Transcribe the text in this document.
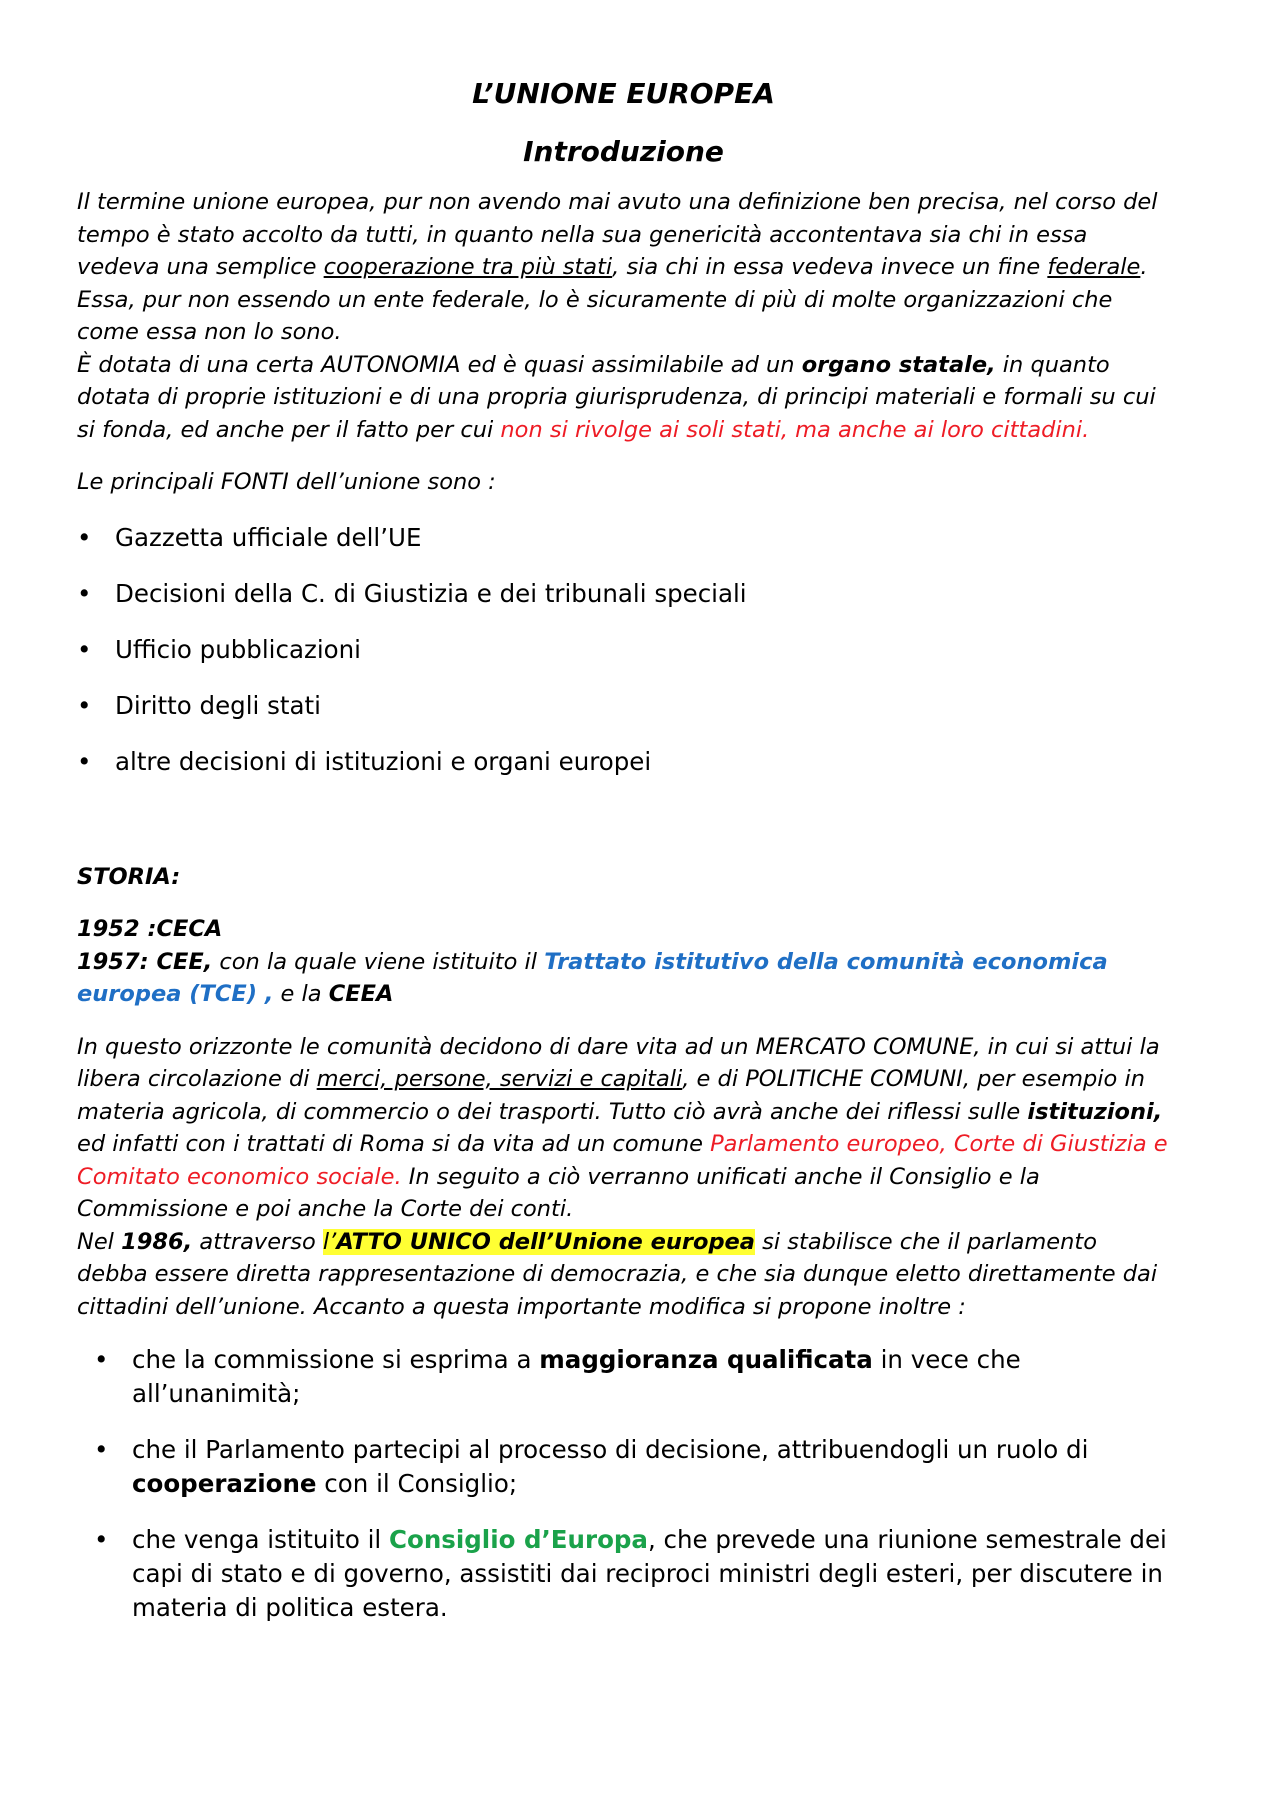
L’UNIONE EUROPEA
Introduzione

Il termine unione europea, pur non avendo mai avuto una definizione ben precisa, nel corso del tempo è stato accolto da tutti, in quanto nella sua genericità accontentava sia chi in essa vedeva una semplice cooperazione tra più stati, sia chi in essa vedeva invece un fine federale. Essa, pur non essendo un ente federale, lo è sicuramente di più di molte organizzazioni che come essa non lo sono.

È dotata di una certa AUTONOMIA ed è quasi assimilabile ad un organo statale, in quanto dotata di proprie istituzioni e di una propria giurisprudenza, di principi materiali e formali su cui si fonda, ed anche per il fatto per cui non si rivolge ai soli stati, ma anche ai loro cittadini.

Le principali FONTI dell’unione sono :

• Gazzetta ufficiale dell’UE
• Decisioni della C. di Giustizia e dei tribunali speciali
• Ufficio pubblicazioni
• Diritto degli stati
• altre decisioni di istituzioni e organi europei

STORIA:

1952 :CECA

1957: CEE, con la quale viene istituito il Trattato istitutivo della comunità economica europea (TCE) , e la CEEA

In questo orizzonte le comunità decidono di dare vita ad un MERCATO COMUNE, in cui si attui la libera circolazione di merci, persone, servizi e capitali, e di POLITICHE COMUNI, per esempio in materia agricola, di commercio o dei trasporti. Tutto ciò avrà anche dei riflessi sulle istituzioni, ed infatti con i trattati di Roma si da vita ad un comune Parlamento europeo, Corte di Giustizia e Comitato economico sociale. In seguito a ciò verranno unificati anche il Consiglio e la Commissione e poi anche la Corte dei conti.

Nel 1986, attraverso l’ATTO UNICO dell’Unione europea si stabilisce che il parlamento debba essere diretta rappresentazione di democrazia, e che sia dunque eletto direttamente dai cittadini dell’unione. Accanto a questa importante modifica si propone inoltre :

• che la commissione si esprima a maggioranza qualificata in vece che all’unanimità;
• che il Parlamento partecipi al processo di decisione, attribuendogli un ruolo di cooperazione con il Consiglio;
• che venga istituito il Consiglio d’Europa, che prevede una riunione semestrale dei capi di stato e di governo, assistiti dai reciproci ministri degli esteri, per discutere in materia di politica estera.
